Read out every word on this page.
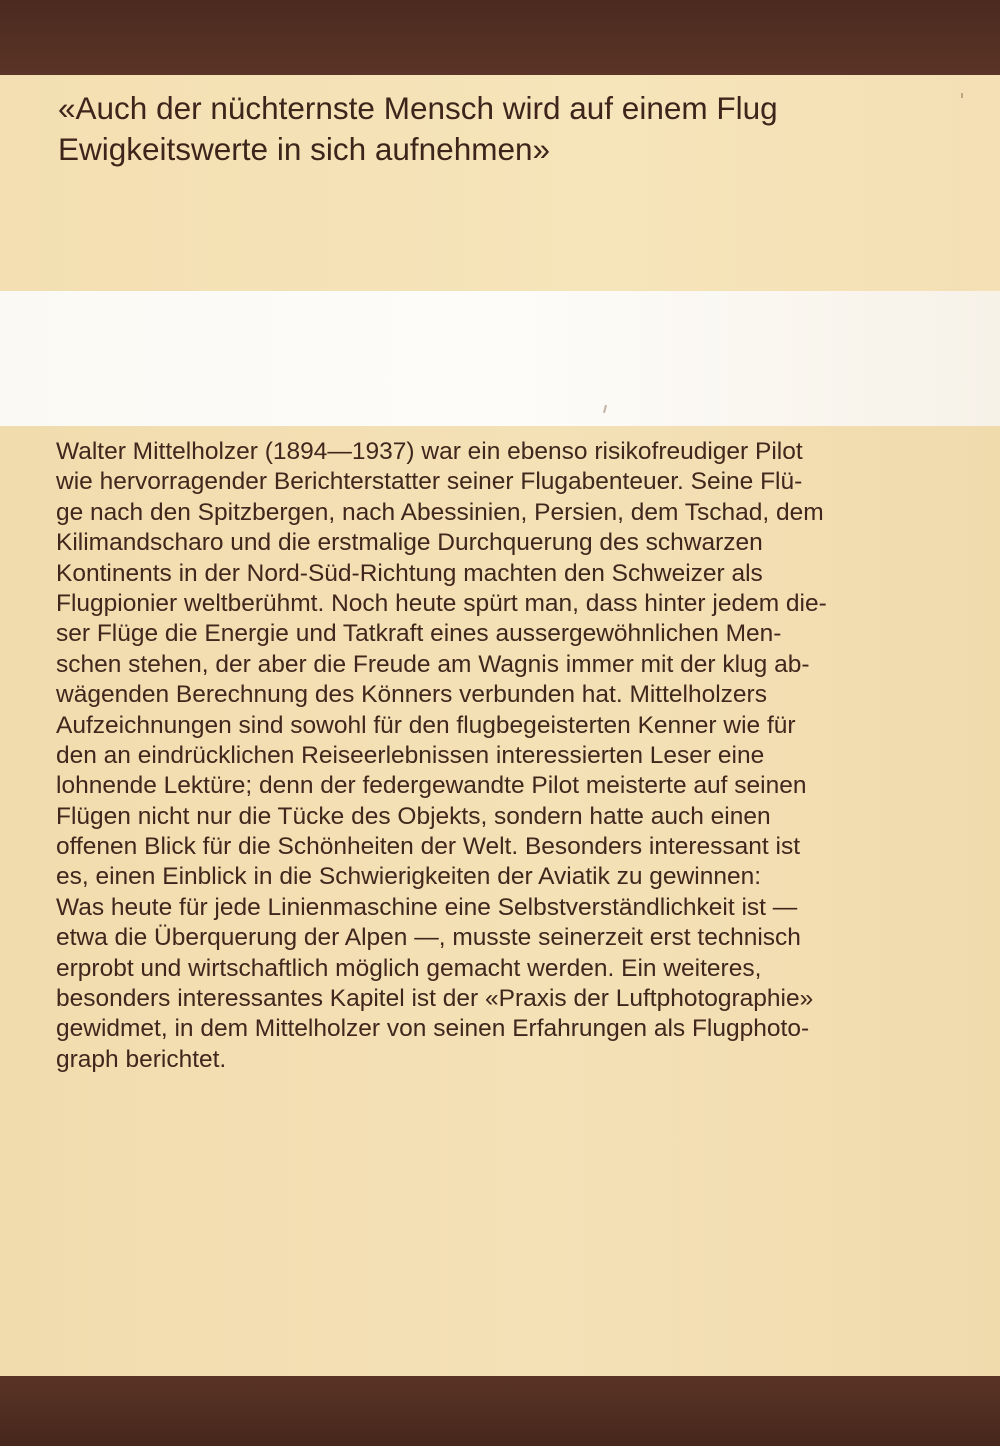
«Auch der nüchternste Mensch wird auf einem Flug
Ewigkeitswerte in sich aufnehmen»
Walter Mittelholzer (1894—1937) war ein ebenso risikofreudiger Pilot
wie hervorragender Berichterstatter seiner Flugabenteuer. Seine Flü-
ge nach den Spitzbergen, nach Abessinien, Persien, dem Tschad, dem
Kilimandscharo und die erstmalige Durchquerung des schwarzen
Kontinents in der Nord-Süd-Richtung machten den Schweizer als
Flugpionier weltberühmt. Noch heute spürt man, dass hinter jedem die-
ser Flüge die Energie und Tatkraft eines aussergewöhnlichen Men-
schen stehen, der aber die Freude am Wagnis immer mit der klug ab-
wägenden Berechnung des Könners verbunden hat. Mittelholzers
Aufzeichnungen sind sowohl für den flugbegeisterten Kenner wie für
den an eindrücklichen Reiseerlebnissen interessierten Leser eine
lohnende Lektüre; denn der federgewandte Pilot meisterte auf seinen
Flügen nicht nur die Tücke des Objekts, sondern hatte auch einen
offenen Blick für die Schönheiten der Welt. Besonders interessant ist
es, einen Einblick in die Schwierigkeiten der Aviatik zu gewinnen:
Was heute für jede Linienmaschine eine Selbstverständlichkeit ist —
etwa die Überquerung der Alpen —, musste seinerzeit erst technisch
erprobt und wirtschaftlich möglich gemacht werden. Ein weiteres,
besonders interessantes Kapitel ist der «Praxis der Luftphotographie»
gewidmet, in dem Mittelholzer von seinen Erfahrungen als Flugphoto-
graph berichtet.
